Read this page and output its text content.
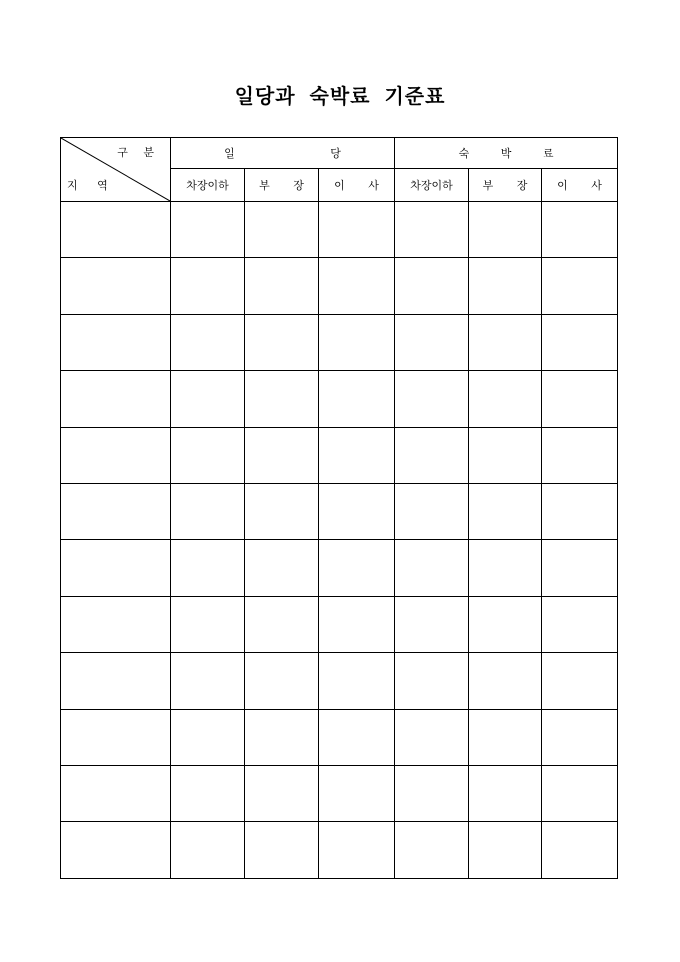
일당과 숙박료 기준표
구 분
지 역	일 당			숙 박 료		
	차장이하	부 장	이 사	차장이하	부 장	이 사
